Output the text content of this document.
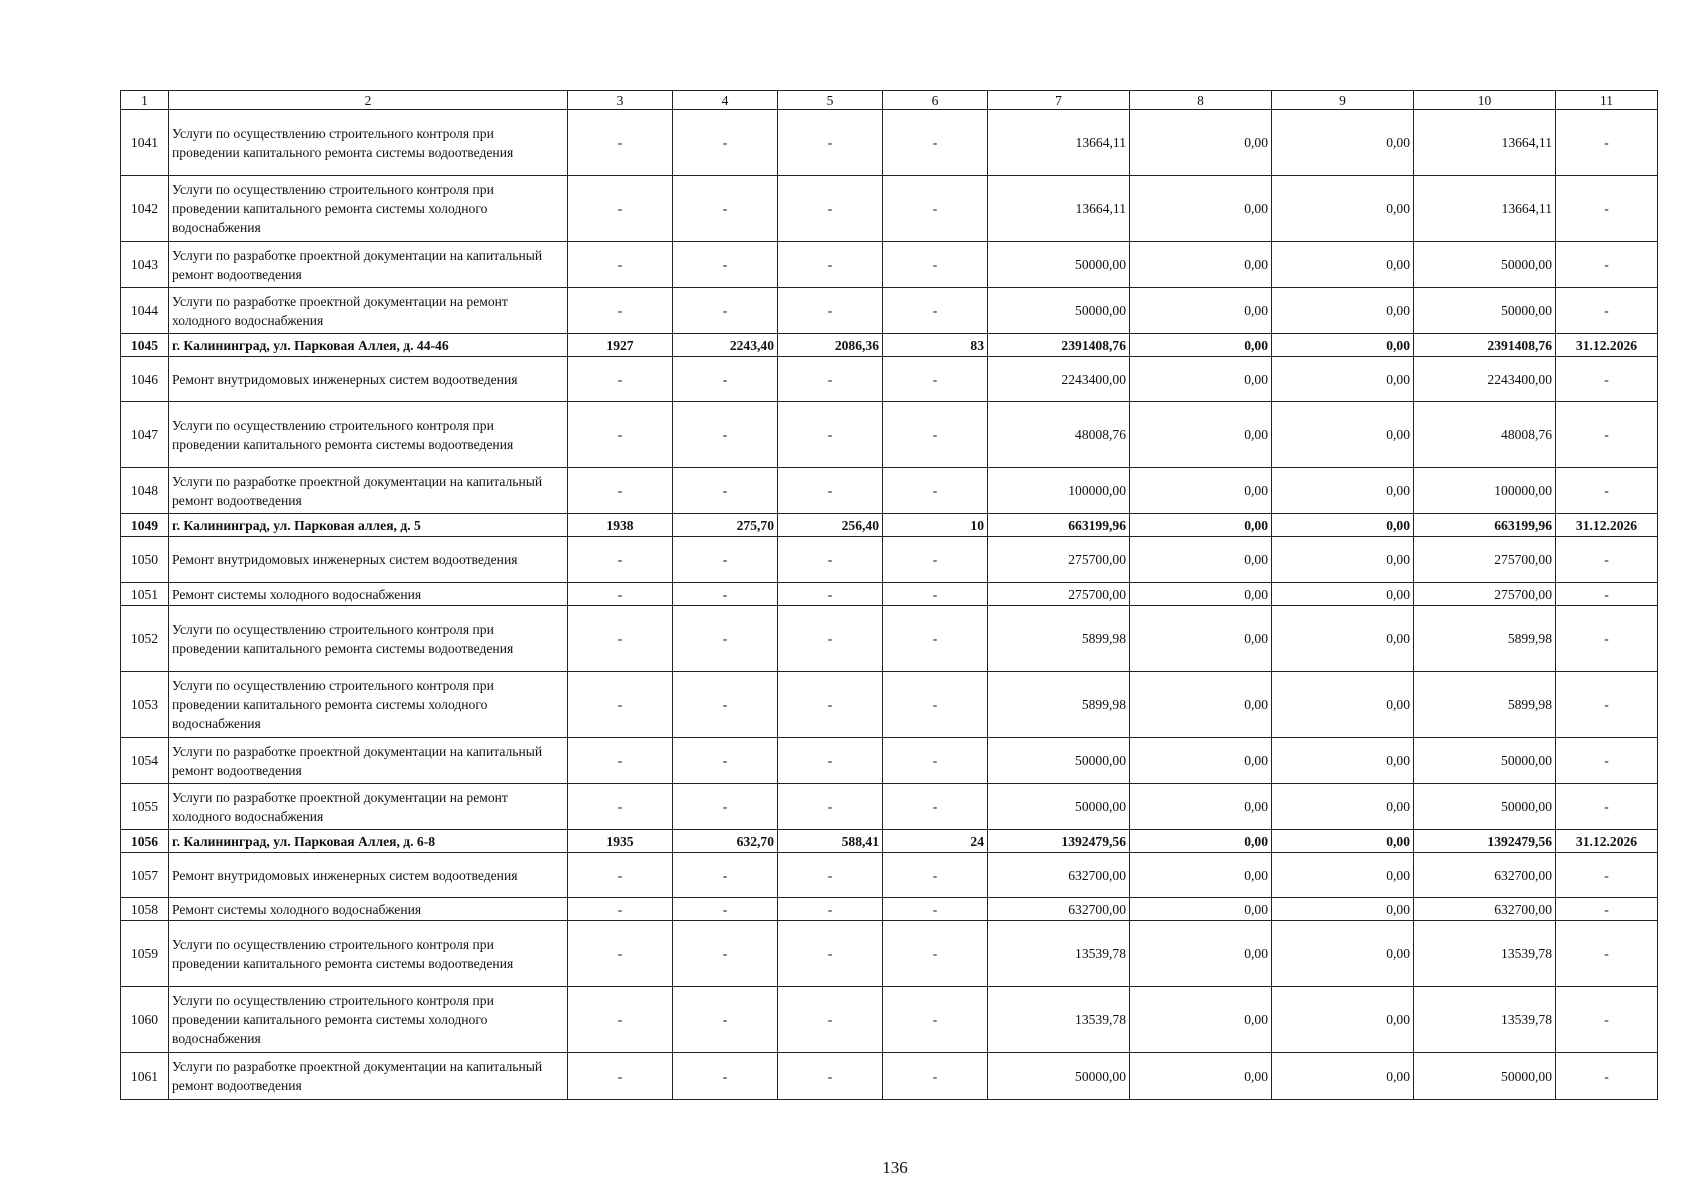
1	2	3	4	5	6	7	8	9	10	11
1041	Услуги по осуществлению строительного контроля при проведении капитального ремонта системы водоотведения	-	-	-	-	13664,11	0,00	0,00	13664,11	-
1042	Услуги по осуществлению строительного контроля при проведении капитального ремонта системы холодного водоснабжения	-	-	-	-	13664,11	0,00	0,00	13664,11	-
1043	Услуги по разработке проектной документации на капитальный ремонт водоотведения	-	-	-	-	50000,00	0,00	0,00	50000,00	-
1044	Услуги по разработке проектной документации на ремонт холодного водоснабжения	-	-	-	-	50000,00	0,00	0,00	50000,00	-
1045	г. Калининград, ул. Парковая Аллея, д. 44-46	1927	2243,40	2086,36	83	2391408,76	0,00	0,00	2391408,76	31.12.2026
1046	Ремонт внутридомовых инженерных систем водоотведения	-	-	-	-	2243400,00	0,00	0,00	2243400,00	-
1047	Услуги по осуществлению строительного контроля при проведении капитального ремонта системы водоотведения	-	-	-	-	48008,76	0,00	0,00	48008,76	-
1048	Услуги по разработке проектной документации на капитальный ремонт водоотведения	-	-	-	-	100000,00	0,00	0,00	100000,00	-
1049	г. Калининград, ул. Парковая аллея, д. 5	1938	275,70	256,40	10	663199,96	0,00	0,00	663199,96	31.12.2026
1050	Ремонт внутридомовых инженерных систем водоотведения	-	-	-	-	275700,00	0,00	0,00	275700,00	-
1051	Ремонт системы холодного водоснабжения	-	-	-	-	275700,00	0,00	0,00	275700,00	-
1052	Услуги по осуществлению строительного контроля при проведении капитального ремонта системы водоотведения	-	-	-	-	5899,98	0,00	0,00	5899,98	-
1053	Услуги по осуществлению строительного контроля при проведении капитального ремонта системы холодного водоснабжения	-	-	-	-	5899,98	0,00	0,00	5899,98	-
1054	Услуги по разработке проектной документации на капитальный ремонт водоотведения	-	-	-	-	50000,00	0,00	0,00	50000,00	-
1055	Услуги по разработке проектной документации на ремонт холодного водоснабжения	-	-	-	-	50000,00	0,00	0,00	50000,00	-
1056	г. Калининград, ул. Парковая Аллея, д. 6-8	1935	632,70	588,41	24	1392479,56	0,00	0,00	1392479,56	31.12.2026
1057	Ремонт внутридомовых инженерных систем водоотведения	-	-	-	-	632700,00	0,00	0,00	632700,00	-
1058	Ремонт системы холодного водоснабжения	-	-	-	-	632700,00	0,00	0,00	632700,00	-
1059	Услуги по осуществлению строительного контроля при проведении капитального ремонта системы водоотведения	-	-	-	-	13539,78	0,00	0,00	13539,78	-
1060	Услуги по осуществлению строительного контроля при проведении капитального ремонта системы холодного водоснабжения	-	-	-	-	13539,78	0,00	0,00	13539,78	-
1061	Услуги по разработке проектной документации на капитальный ремонт водоотведения	-	-	-	-	50000,00	0,00	0,00	50000,00	-
136
